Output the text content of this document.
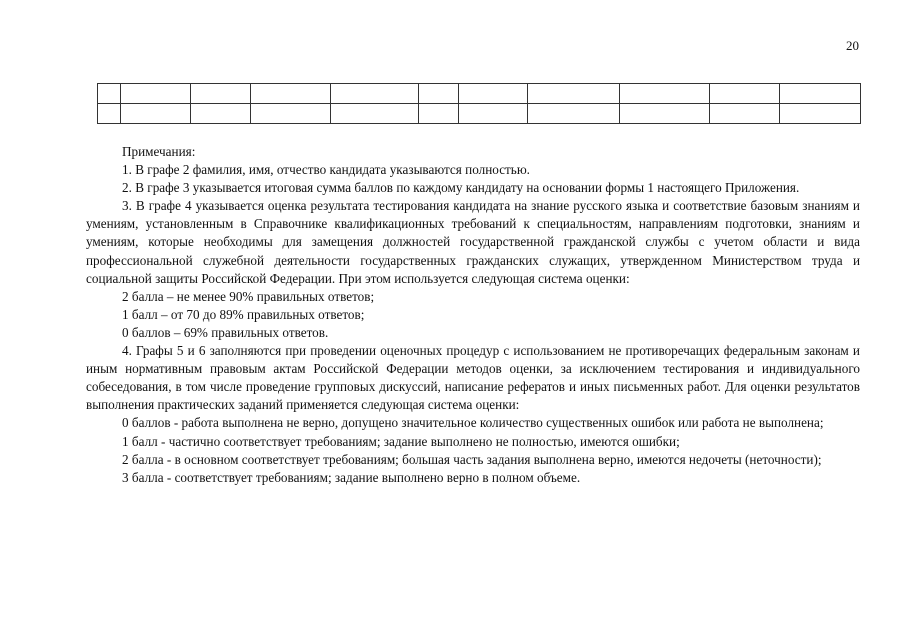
20

Примечания:

1. В графе 2 фамилия, имя, отчество кандидата указываются полностью.

2. В графе 3 указывается итоговая сумма баллов по каждому кандидату на основании формы 1 настоящего Приложения.

3. В графе 4 указывается оценка результата тестирования кандидата на знание русского языка и соответствие базовым знаниям и умениям, установленным в Справочнике квалификационных требований к специальностям, направлениям подготовки, знаниям и умениям, которые необходимы для замещения должностей государственной гражданской службы с учетом области и вида профессиональной служебной деятельности государственных гражданских служащих, утвержденном Министерством труда и социальной защиты Российской Федерации. При этом используется следующая система оценки:

2 балла – не менее 90% правильных ответов;

1 балл – от 70 до 89% правильных ответов;

0 баллов – 69% правильных ответов.

4. Графы 5 и 6 заполняются при проведении оценочных процедур с использованием не противоречащих федеральным законам и иным нормативным правовым актам Российской Федерации методов оценки, за исключением тестирования и индивидуального собеседования, в том числе проведение групповых дискуссий, написание рефератов и иных письменных работ. Для оценки результатов выполнения практических заданий применяется следующая система оценки:

0 баллов - работа выполнена не верно, допущено значительное количество существенных ошибок или работа не выполнена;

1 балл - частично соответствует требованиям; задание выполнено не полностью, имеются ошибки;

2 балла - в основном соответствует требованиям; большая часть задания выполнена верно, имеются недочеты (неточности);

3 балла - соответствует требованиям; задание выполнено верно в полном объеме.
